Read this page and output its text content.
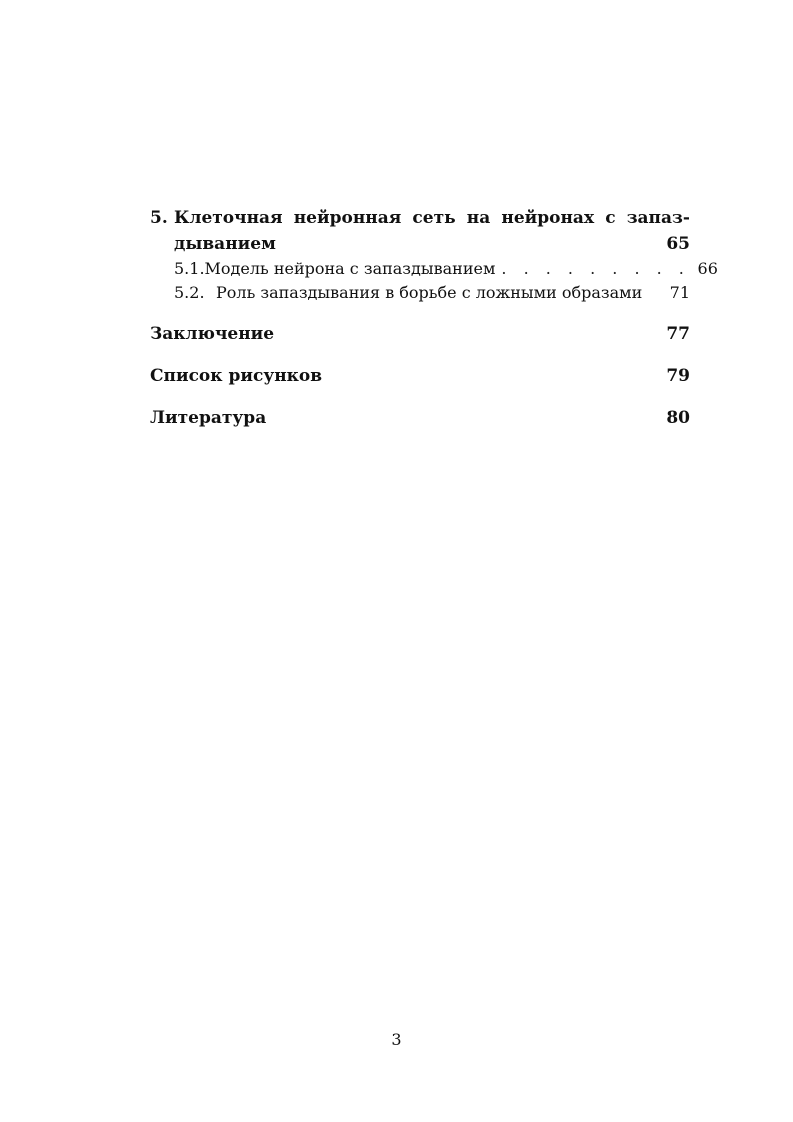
5. Клеточная нейронная сеть на нейронах с запаз-
дыванием	65
5.1. Модель нейрона с запаздыванием . . . . . . . . . 66
5.2. Роль запаздывания в борьбе с ложными образами 71
Заключение	77
Список рисунков	79
Литература	80
3
